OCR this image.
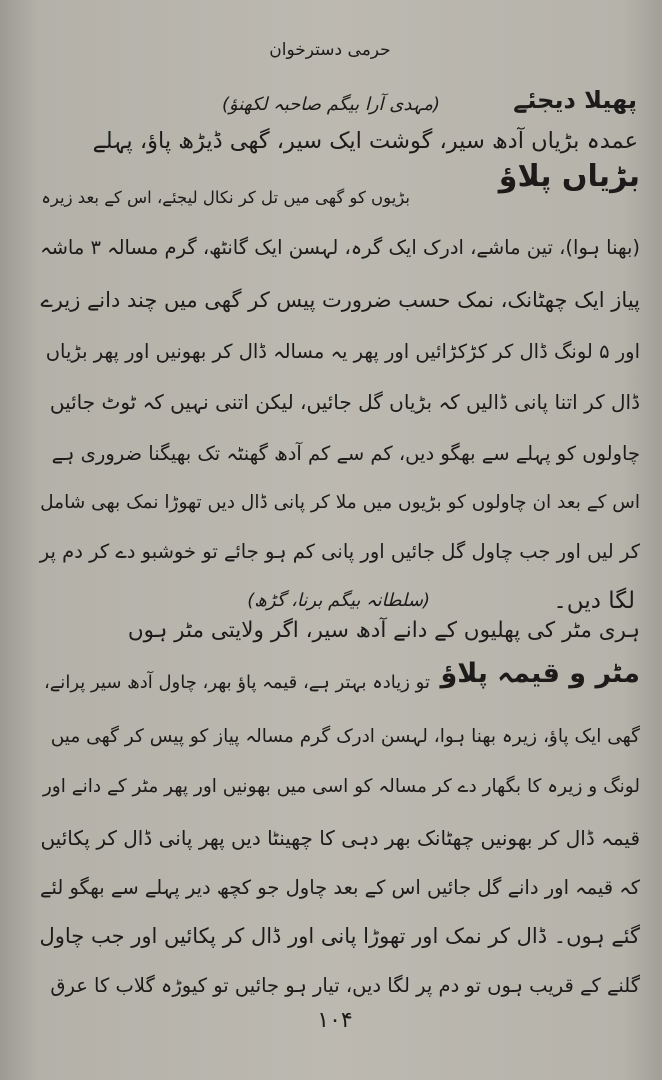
حرمی دسترخوان
پھیلا دیجئے
(مہدی آرا بیگم صاحبہ لکھنؤ)
بڑیاں پلاؤ
عمدہ بڑیاں آدھ سیر، گوشت ایک سیر، گھی ڈیڑھ پاؤ، پہلے
بڑیوں کو گھی میں تل کر نکال لیجئے، اس کے بعد زیرہ
(بھنا ہوا)، تین ماشے، ادرک ایک گرہ، لہسن ایک گانٹھ، گرم مسالہ ۳ ماشہ
پیاز ایک چھٹانک، نمک حسب ضرورت پیس کر گھی میں چند دانے زیرے
اور ۵ لونگ ڈال کر کڑکڑائیں اور پھر یہ مسالہ ڈال کر بھونیں اور پھر بڑیاں
ڈال کر اتنا پانی ڈالیں کہ بڑیاں گل جائیں، لیکن اتنی نہیں کہ ٹوٹ جائیں
چاولوں کو پہلے سے بھگو دیں، کم سے کم آدھ گھنٹہ تک بھیگنا ضروری ہے
اس کے بعد ان چاولوں کو بڑیوں میں ملا کر پانی ڈال دیں تھوڑا نمک بھی شامل
کر لیں اور جب چاول گل جائیں اور پانی کم ہو جائے تو خوشبو دے کر دم پر
لگا دیں۔
(سلطانہ بیگم برنا، گڑھ)
ہری مٹر کی پھلیوں کے دانے آدھ سیر، اگر ولایتی مٹر ہوں
مٹر و قیمہ پلاؤ
تو زیادہ بہتر ہے، قیمہ پاؤ بھر، چاول آدھ سیر پرانے،
گھی ایک پاؤ، زیرہ بھنا ہوا، لہسن ادرک گرم مسالہ پیاز کو پیس کر گھی میں
لونگ و زیرہ کا بگھار دے کر مسالہ کو اسی میں بھونیں اور پھر مٹر کے دانے اور
قیمہ ڈال کر بھونیں چھٹانک بھر دہی کا چھینٹا دیں پھر پانی ڈال کر پکائیں
کہ قیمہ اور دانے گل جائیں اس کے بعد چاول جو کچھ دیر پہلے سے بھگو لئے
گئے ہوں۔ ڈال کر نمک اور تھوڑا پانی اور ڈال کر پکائیں اور جب چاول
گلنے کے قریب ہوں تو دم پر لگا دیں، تیار ہو جائیں تو کیوڑہ گلاب کا عرق
۱۰۴
